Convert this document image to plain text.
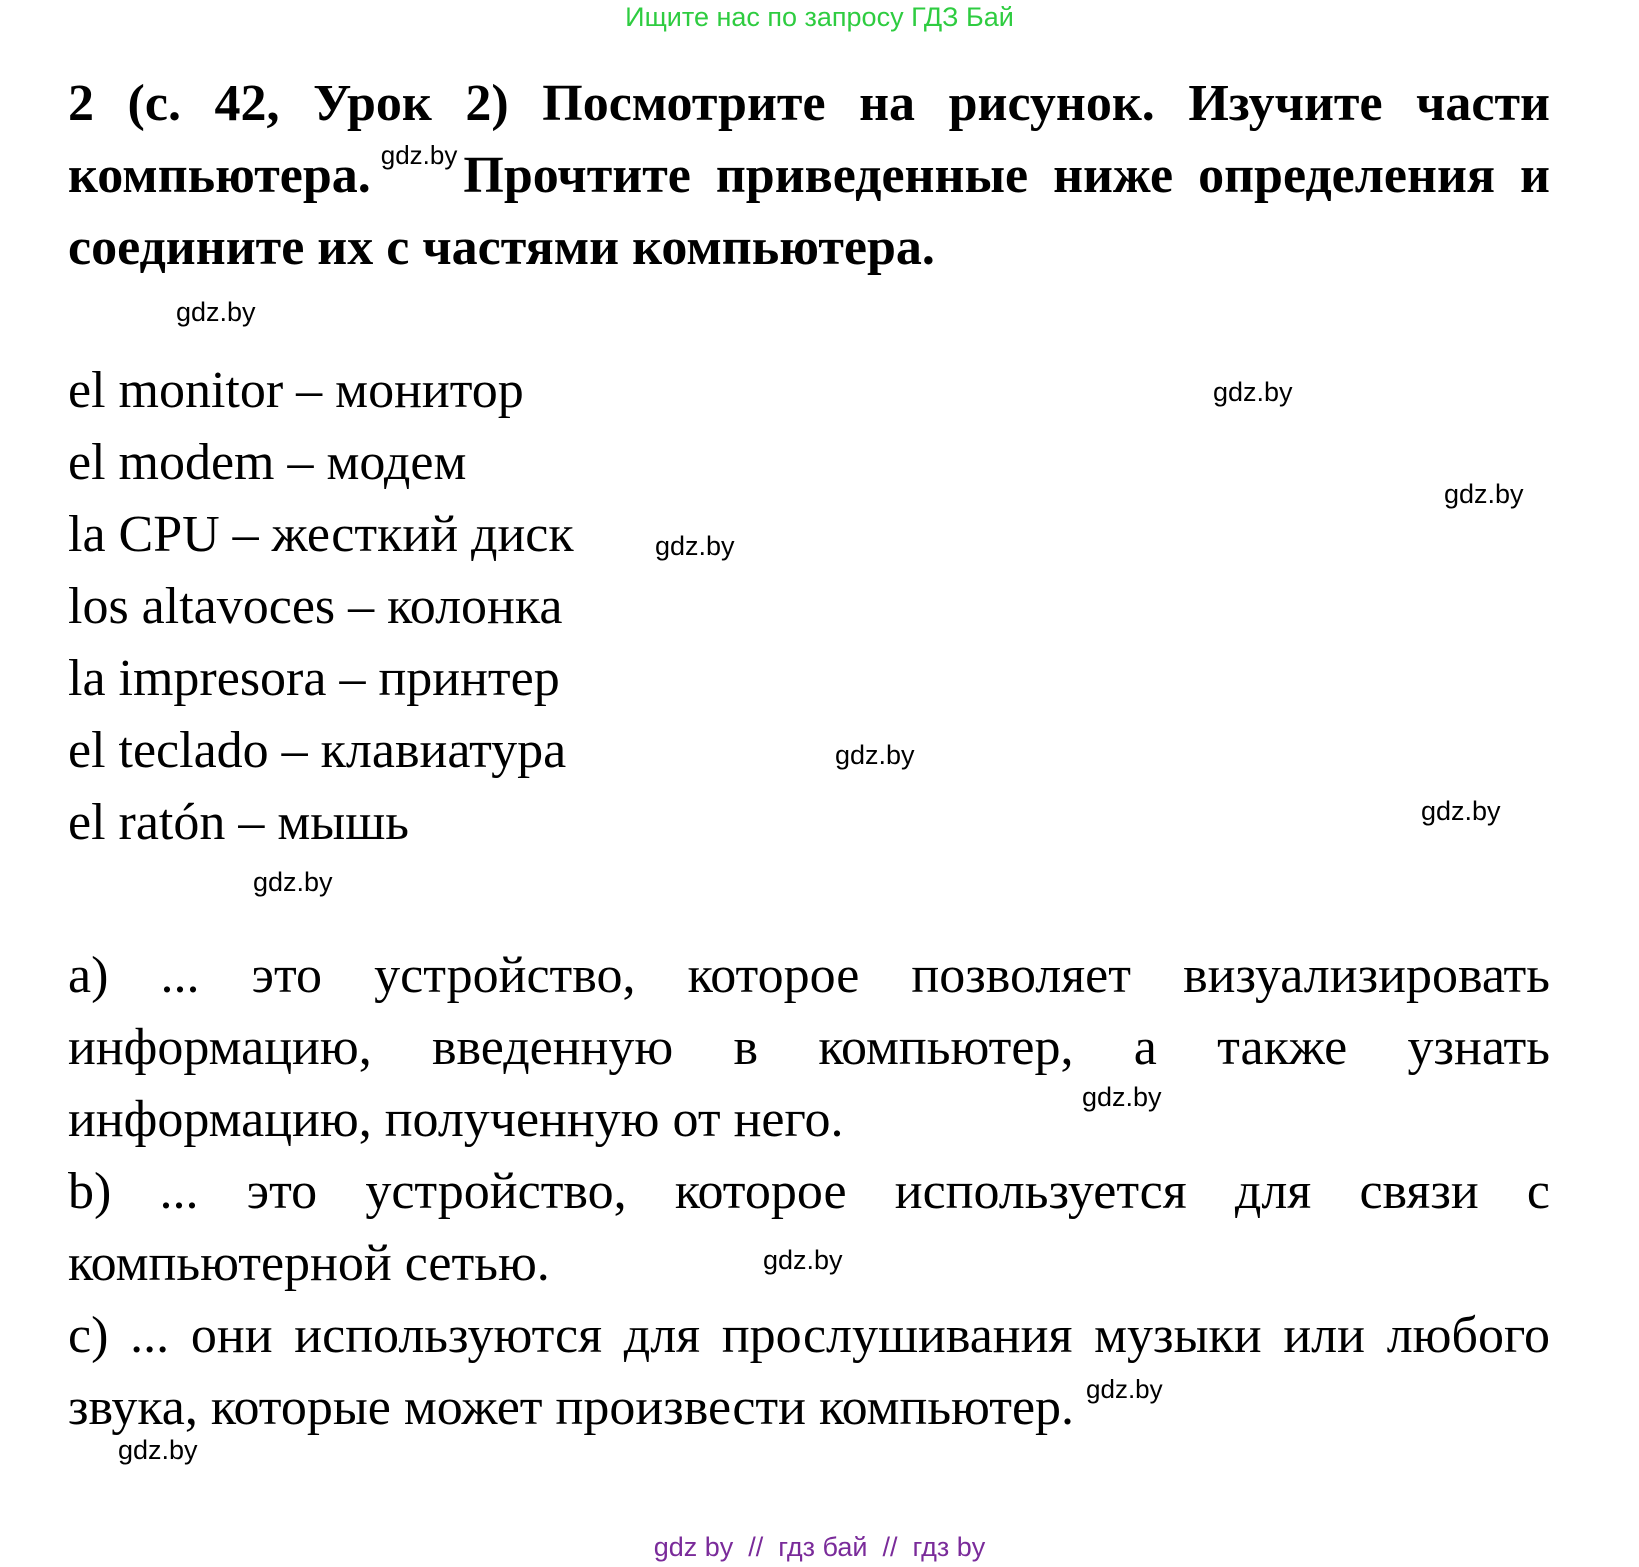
Ищите нас по запросу ГДЗ Бай

2 (с. 42, Урок 2) Посмотрите на рисунок. Изучите части компьютера. $^{gdz.by}$ Прочтите приведенные ниже определения и соедините их с частями компьютера.

el monitor – монитор
el modem – модем
la CPU – жесткий диск
los altavoces – колонка
la impresora – принтер
el teclado – клавиатура
el ratón – мышь

a) ... это устройство, которое позволяет визуализировать информацию, введенную в компьютер, а также узнать информацию, полученную от него.

b) ... это устройство, которое используется для связи с компьютерной сетью.

c) ... они используются для прослушивания музыки или любого звука, которые может произвести компьютер. $^{gdz.by}$

gdz.by
gdz.by
gdz.by
gdz.by
gdz.by
gdz.by
gdz.by
gdz.by
gdz.by
gdz.by
gdz by  //  гдз бай  //  гдз by
